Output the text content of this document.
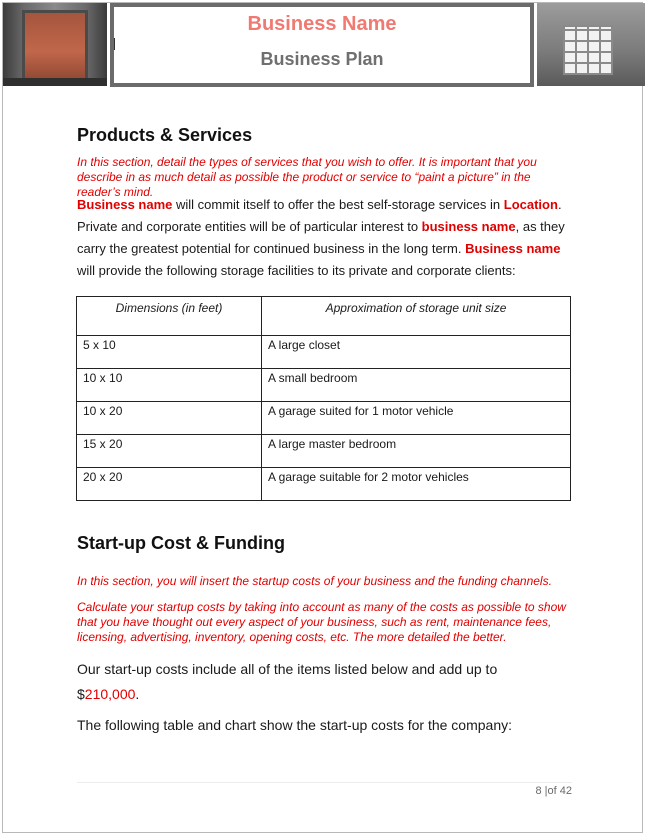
Business Name
Business Plan
Products & Services

In this section, detail the types of services that you wish to offer. It is important that you describe in as much detail as possible the product or service to “paint a picture” in the reader’s mind.

Business name will commit itself to offer the best self-storage services in Location. Private and corporate entities will be of particular interest to business name, as they carry the greatest potential for continued business in the long term. Business name will provide the following storage facilities to its private and corporate clients:

Dimensions (in feet)	Approximation of storage unit size
5 x 10	A large closet
10 x 10	A small bedroom
10 x 20	A garage suited for 1 motor vehicle
15 x 20	A large master bedroom
20 x 20	A garage suitable for 2 motor vehicles
Start-up Cost & Funding

In this section, you will insert the startup costs of your business and the funding channels.

Calculate your startup costs by taking into account as many of the costs as possible to show that you have thought out every aspect of your business, such as rent, maintenance fees, licensing, advertising, inventory, opening costs, etc. The more detailed the better.

Our start-up costs include all of the items listed below and add up to
$210,000.

The following table and chart show the start-up costs for the company:

8 |of 42
